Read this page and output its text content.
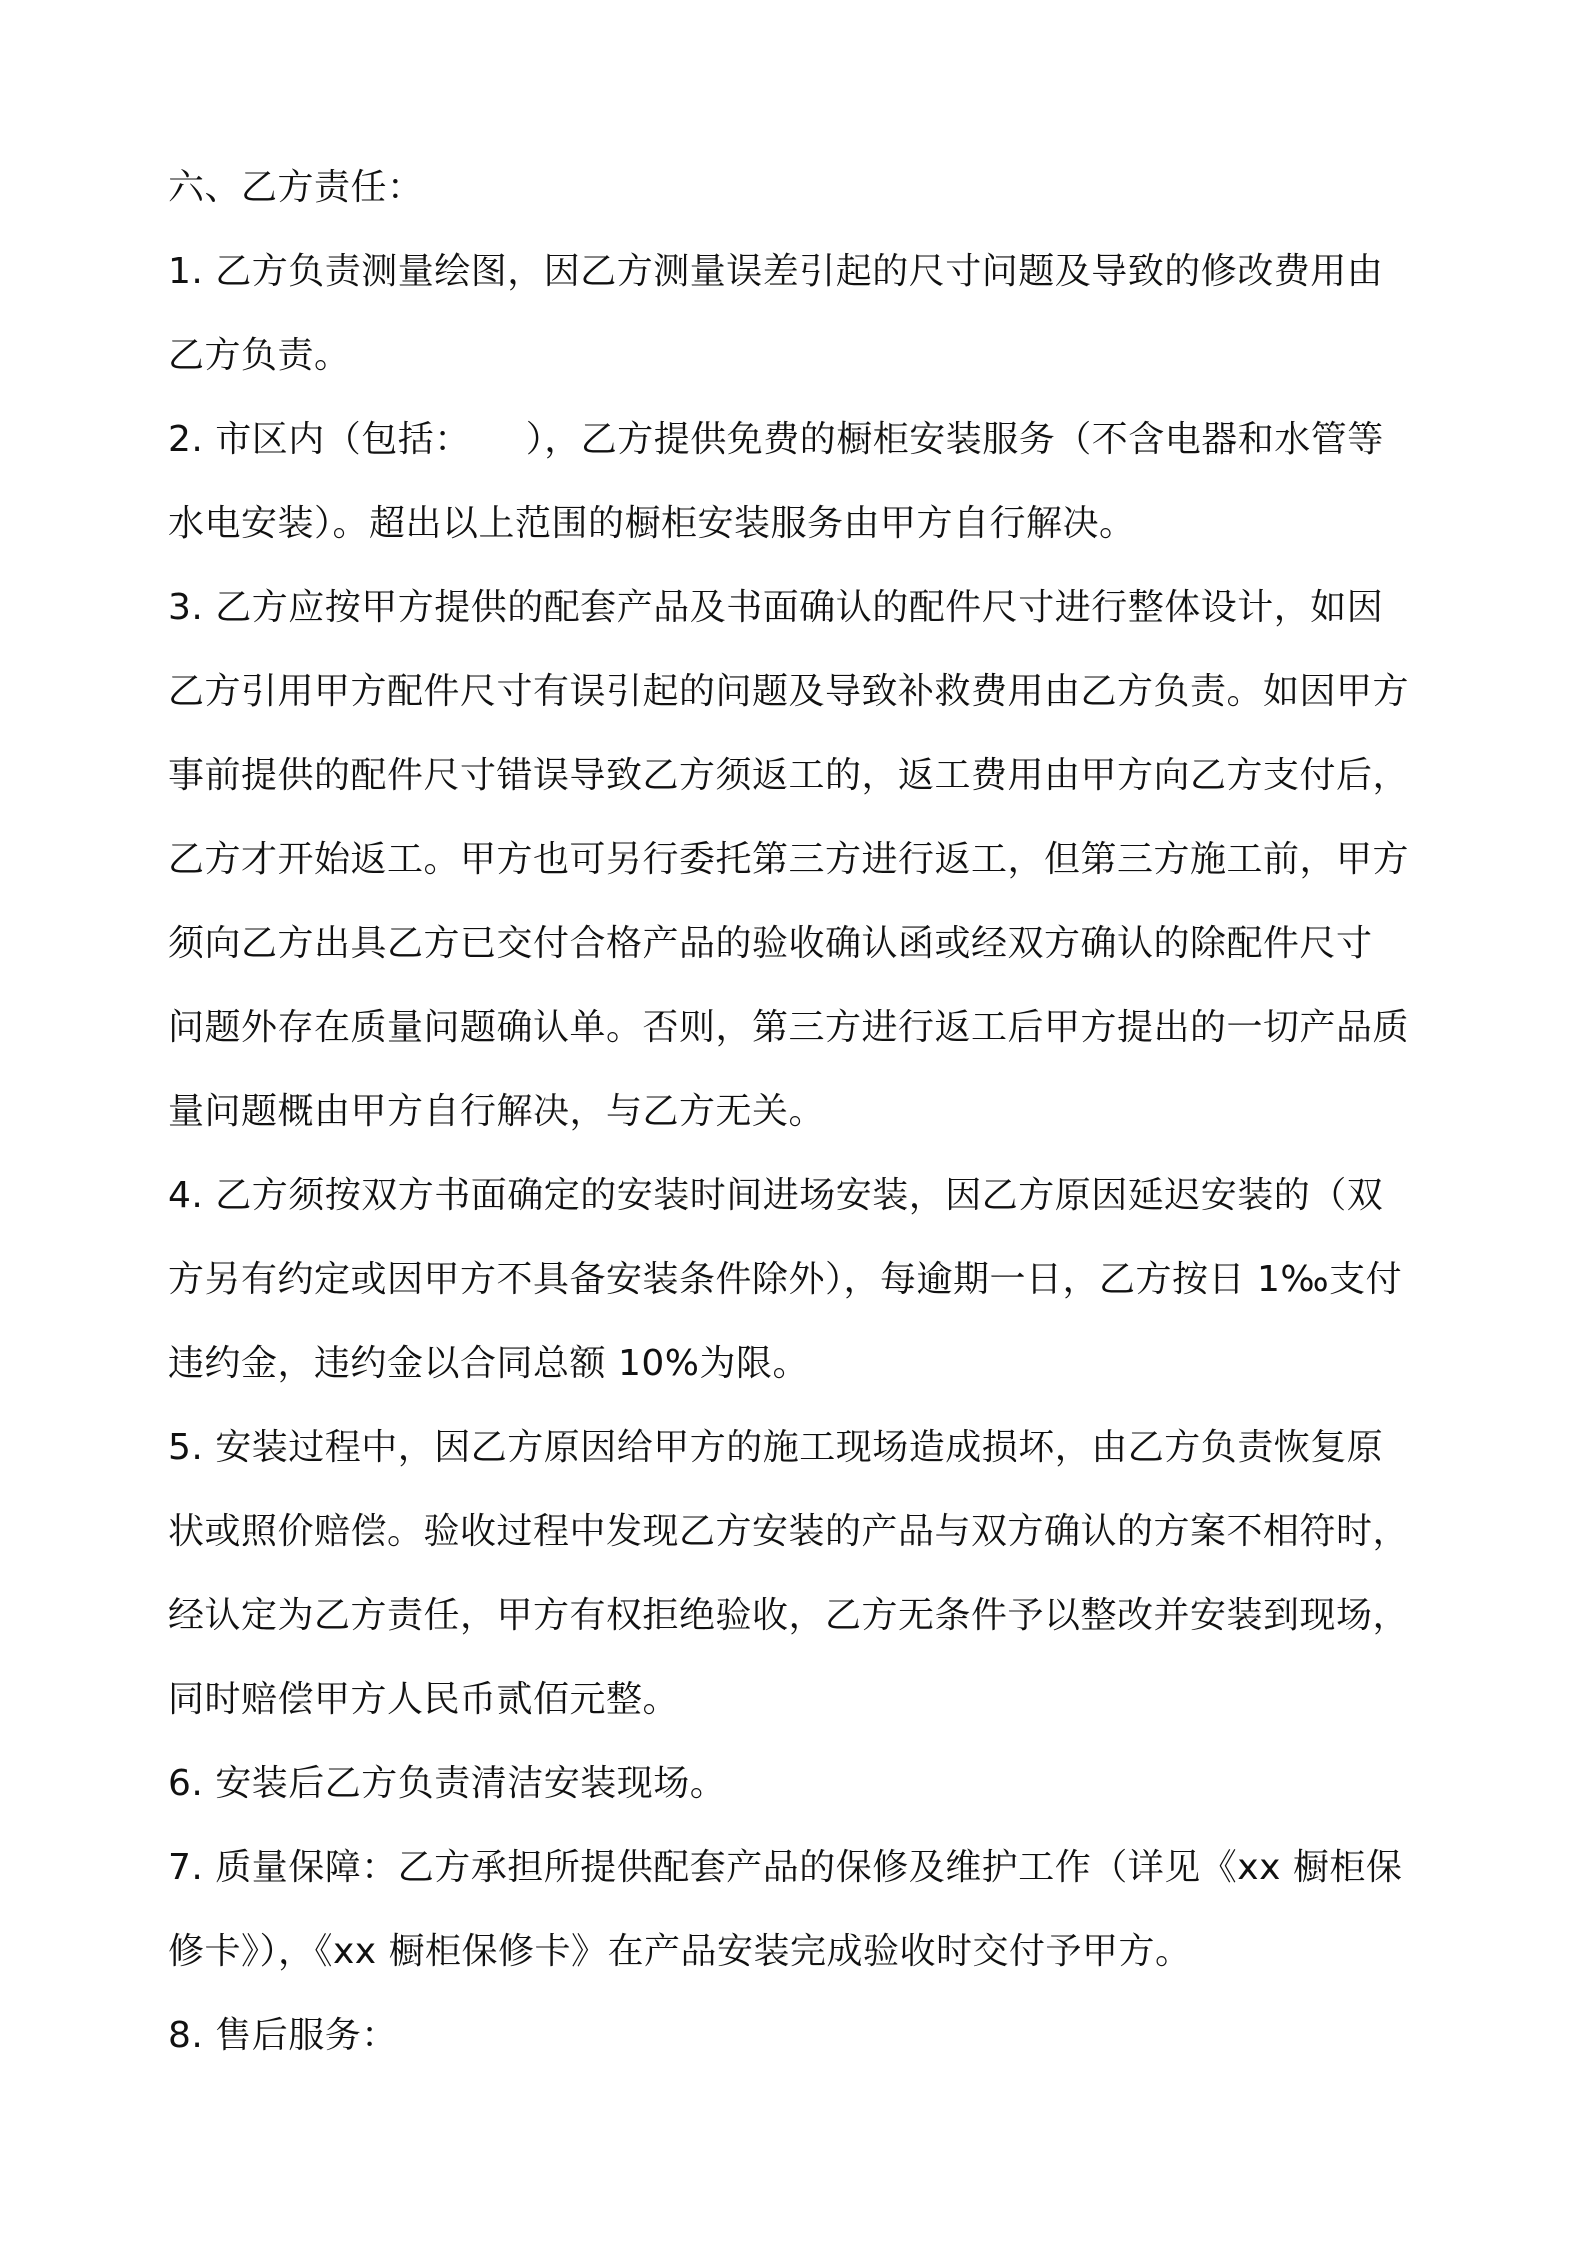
六、乙方责任：

1. 乙方负责测量绘图，因乙方测量误差引起的尺寸问题及导致的修改费用由

乙方负责。

2. 市区内（包括：　　），乙方提供免费的橱柜安装服务（不含电器和水管等

水电安装）。超出以上范围的橱柜安装服务由甲方自行解决。

3. 乙方应按甲方提供的配套产品及书面确认的配件尺寸进行整体设计，如因

乙方引用甲方配件尺寸有误引起的问题及导致补救费用由乙方负责。如因甲方

事前提供的配件尺寸错误导致乙方须返工的，返工费用由甲方向乙方支付后，

乙方才开始返工。甲方也可另行委托第三方进行返工，但第三方施工前，甲方

须向乙方出具乙方已交付合格产品的验收确认函或经双方确认的除配件尺寸

问题外存在质量问题确认单。否则，第三方进行返工后甲方提出的一切产品质

量问题概由甲方自行解决，与乙方无关。

4. 乙方须按双方书面确定的安装时间进场安装，因乙方原因延迟安装的（双

方另有约定或因甲方不具备安装条件除外），每逾期一日，乙方按日 1‰支付

违约金，违约金以合同总额 10%为限。

5. 安装过程中，因乙方原因给甲方的施工现场造成损坏，由乙方负责恢复原

状或照价赔偿。验收过程中发现乙方安装的产品与双方确认的方案不相符时，

经认定为乙方责任，甲方有权拒绝验收，乙方无条件予以整改并安装到现场，

同时赔偿甲方人民币贰佰元整。

6. 安装后乙方负责清洁安装现场。

7. 质量保障：乙方承担所提供配套产品的保修及维护工作（详见《xx 橱柜保

修卡》），《xx 橱柜保修卡》在产品安装完成验收时交付予甲方。

8. 售后服务：
